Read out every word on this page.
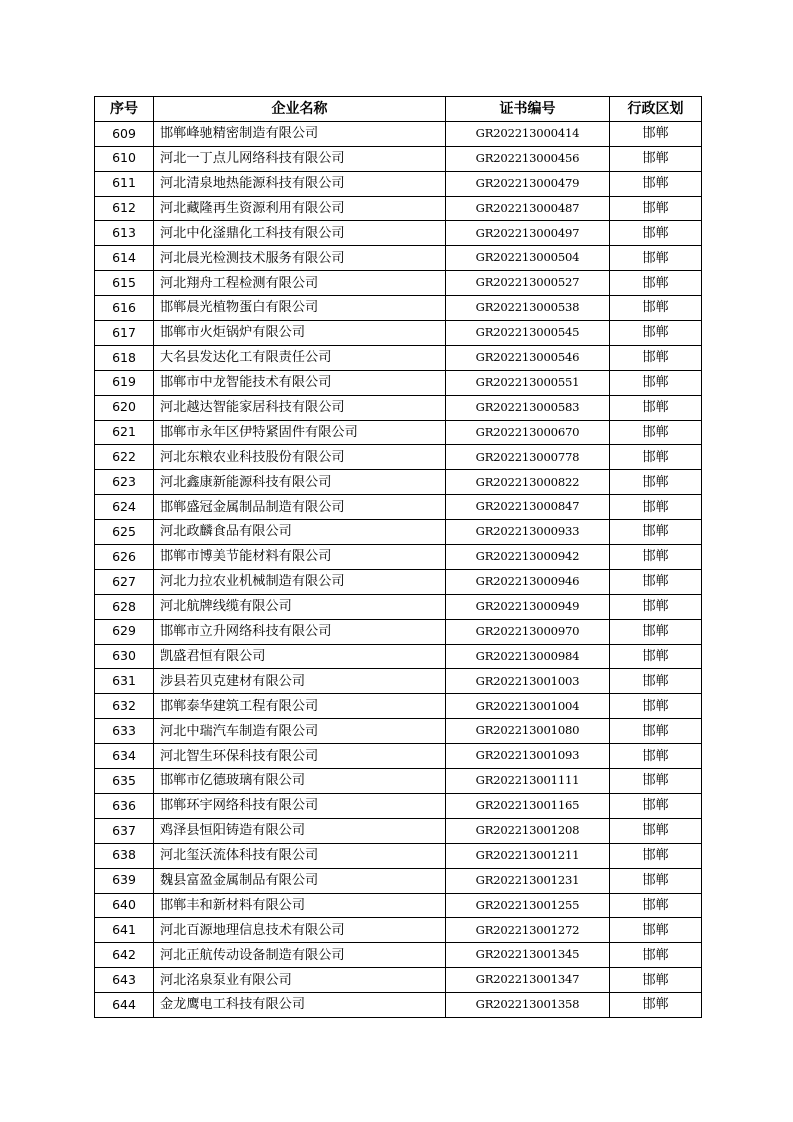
序号	企业名称	证书编号	行政区划
609	邯郸峰驰精密制造有限公司	GR202213000414	邯郸
610	河北一丁点儿网络科技有限公司	GR202213000456	邯郸
611	河北清泉地热能源科技有限公司	GR202213000479	邯郸
612	河北藏隆再生资源利用有限公司	GR202213000487	邯郸
613	河北中化滏鼎化工科技有限公司	GR202213000497	邯郸
614	河北晨光检测技术服务有限公司	GR202213000504	邯郸
615	河北翔舟工程检测有限公司	GR202213000527	邯郸
616	邯郸晨光植物蛋白有限公司	GR202213000538	邯郸
617	邯郸市火炬锅炉有限公司	GR202213000545	邯郸
618	大名县发达化工有限责任公司	GR202213000546	邯郸
619	邯郸市中龙智能技术有限公司	GR202213000551	邯郸
620	河北越达智能家居科技有限公司	GR202213000583	邯郸
621	邯郸市永年区伊特紧固件有限公司	GR202213000670	邯郸
622	河北东粮农业科技股份有限公司	GR202213000778	邯郸
623	河北鑫康新能源科技有限公司	GR202213000822	邯郸
624	邯郸盛冠金属制品制造有限公司	GR202213000847	邯郸
625	河北政麟食品有限公司	GR202213000933	邯郸
626	邯郸市博美节能材料有限公司	GR202213000942	邯郸
627	河北力拉农业机械制造有限公司	GR202213000946	邯郸
628	河北航牌线缆有限公司	GR202213000949	邯郸
629	邯郸市立升网络科技有限公司	GR202213000970	邯郸
630	凯盛君恒有限公司	GR202213000984	邯郸
631	涉县若贝克建材有限公司	GR202213001003	邯郸
632	邯郸泰华建筑工程有限公司	GR202213001004	邯郸
633	河北中瑞汽车制造有限公司	GR202213001080	邯郸
634	河北智生环保科技有限公司	GR202213001093	邯郸
635	邯郸市亿德玻璃有限公司	GR202213001111	邯郸
636	邯郸环宇网络科技有限公司	GR202213001165	邯郸
637	鸡泽县恒阳铸造有限公司	GR202213001208	邯郸
638	河北玺沃流体科技有限公司	GR202213001211	邯郸
639	魏县富盈金属制品有限公司	GR202213001231	邯郸
640	邯郸丰和新材料有限公司	GR202213001255	邯郸
641	河北百源地理信息技术有限公司	GR202213001272	邯郸
642	河北正航传动设备制造有限公司	GR202213001345	邯郸
643	河北洺泉泵业有限公司	GR202213001347	邯郸
644	金龙鹰电工科技有限公司	GR202213001358	邯郸
